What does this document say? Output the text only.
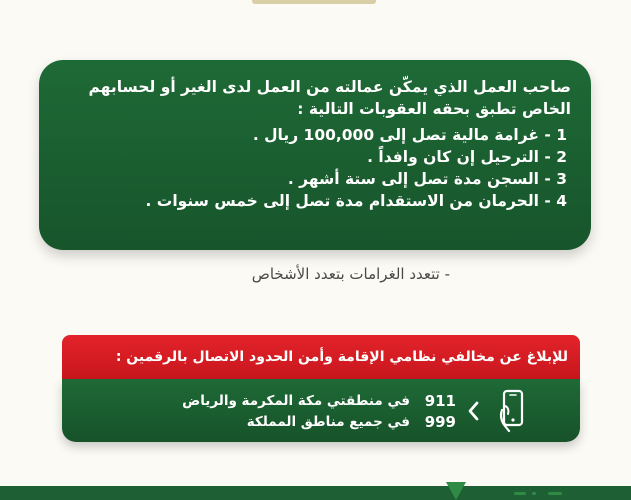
صاحب العمل الذي يمكّن عمالته من العمل لدى الغير أو لحسابهم
الخاص تطبق بحقه العقوبات التالية :
1 - غرامة مالية تصل إلى 100,000 ريال .
2 - الترحيل إن كان وافداً .
3 - السجن مدة تصل إلى ستة أشهر .
4 - الحرمان من الاستقدام مدة تصل إلى خمس سنوات .
- تتعدد الغرامات بتعدد الأشخاص
للإبلاغ عن مخالفي نظامي الإقامة وأمن الحدود الاتصال بالرقمين :
911
999
في منطقتي مكة المكرمة والرياض
في جميع مناطق المملكة
